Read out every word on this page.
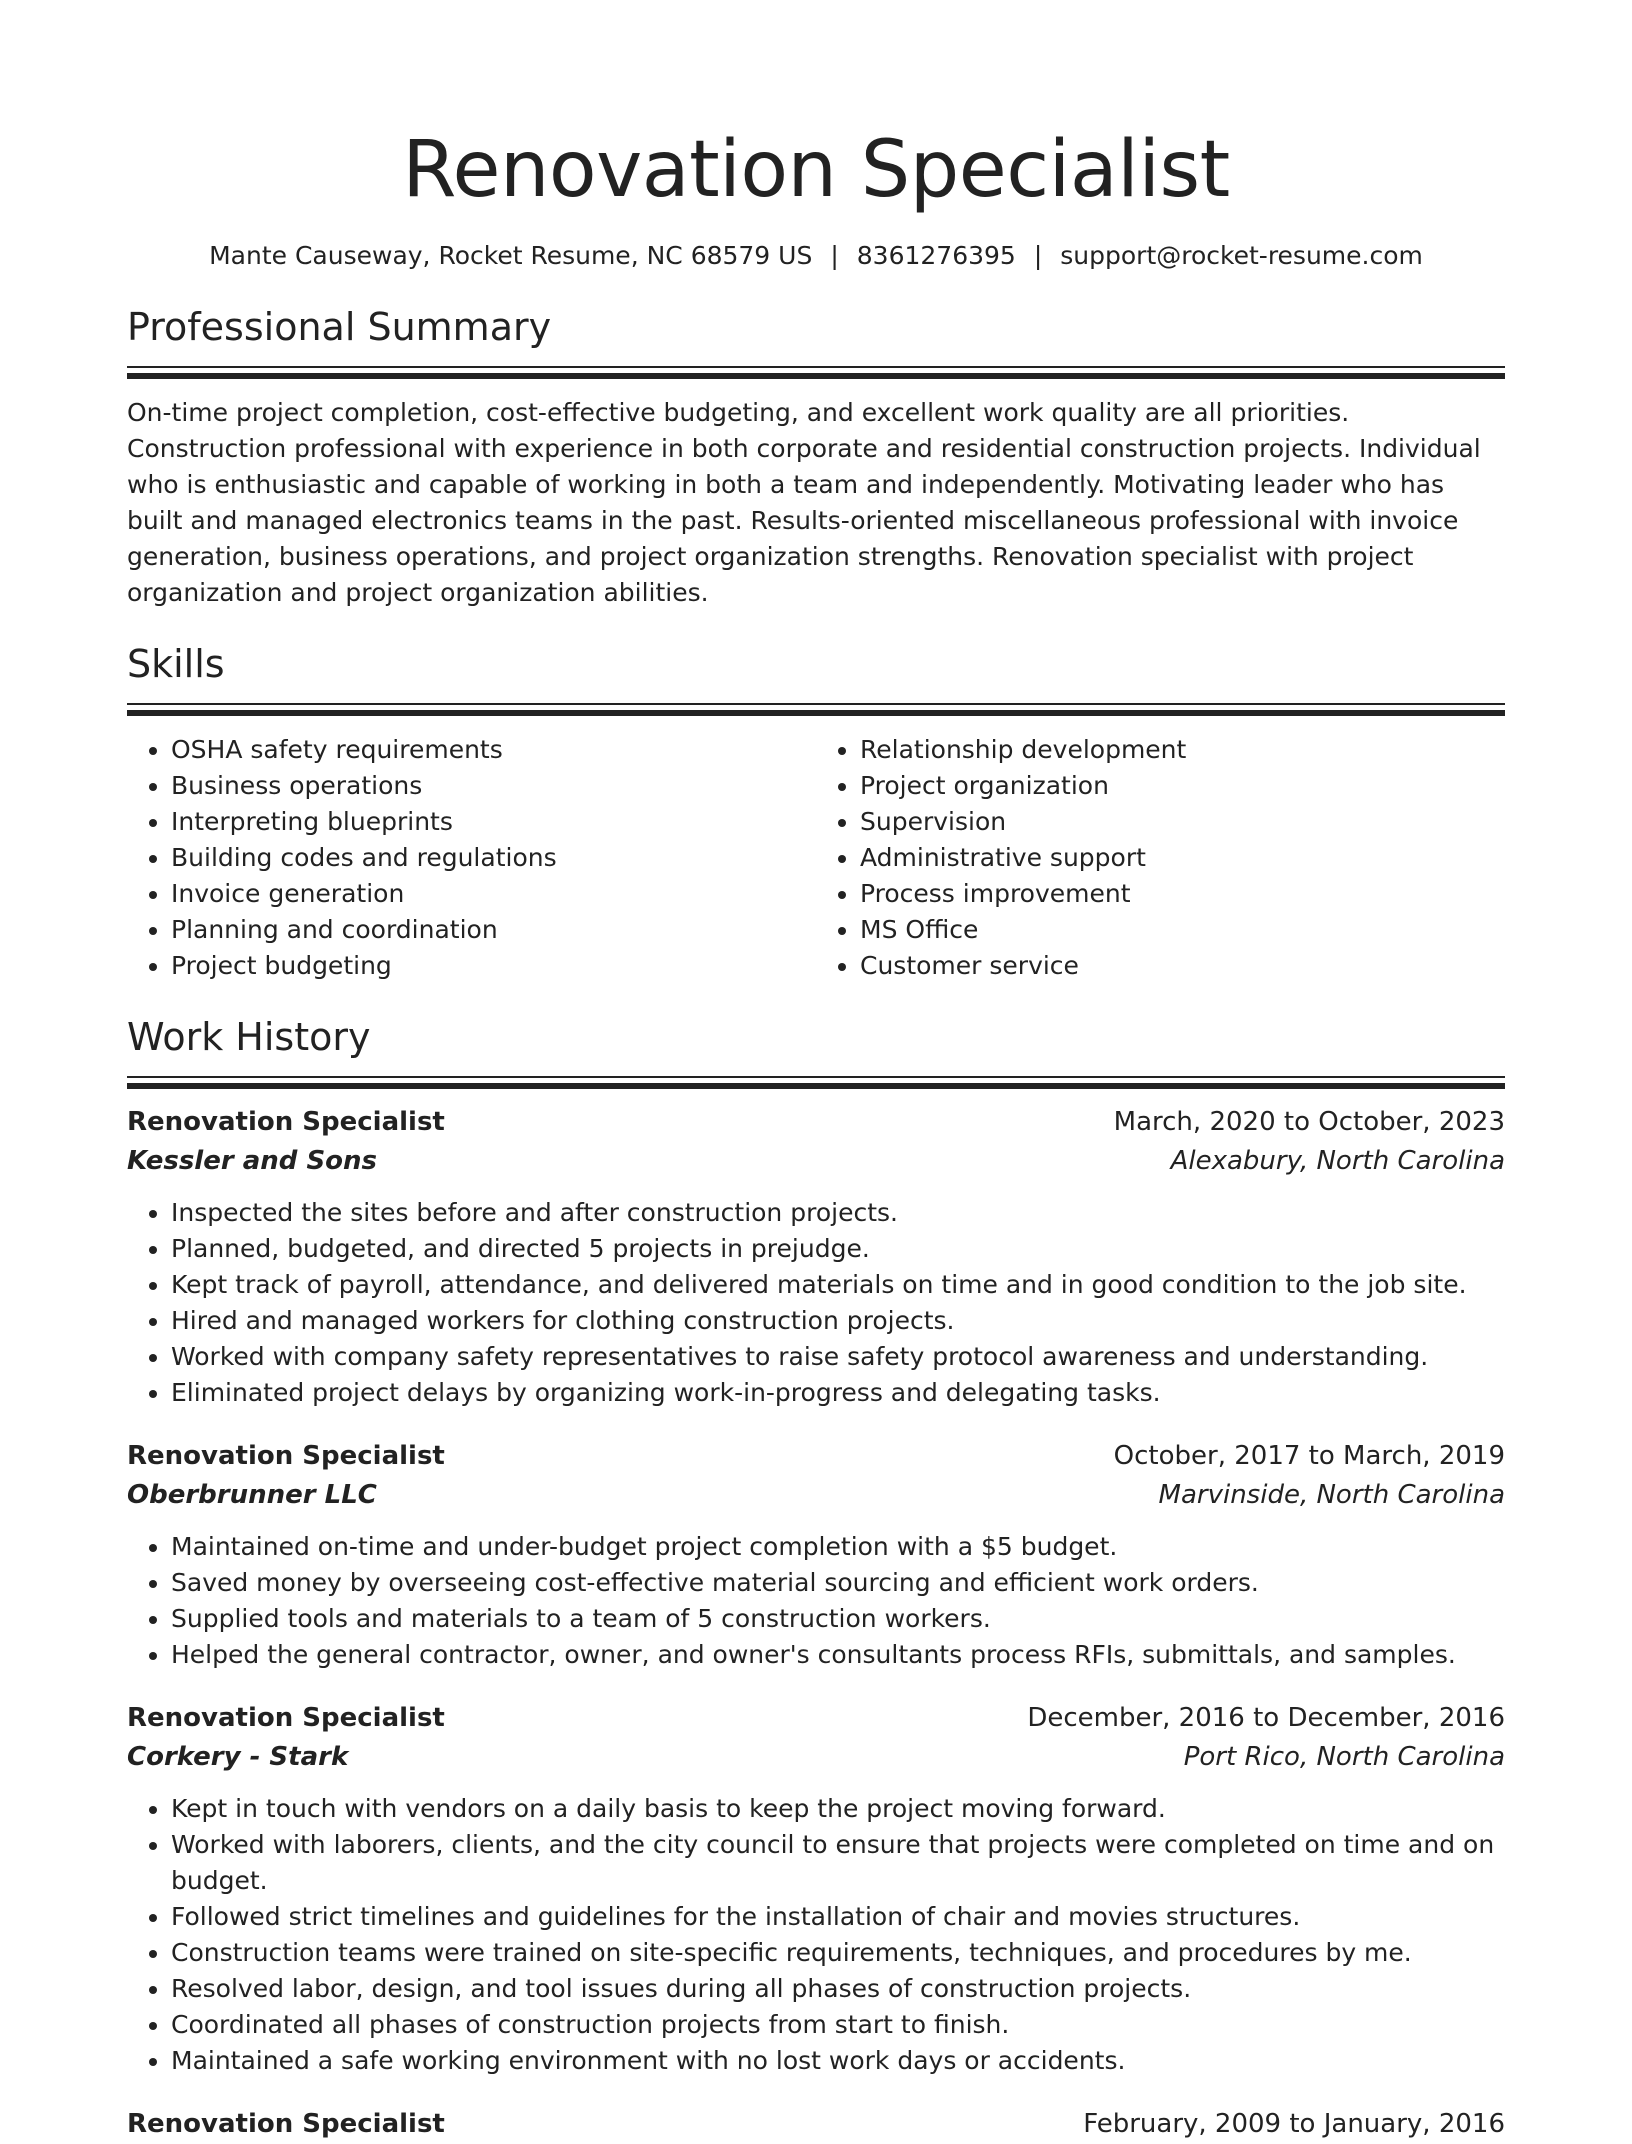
Renovation Specialist
Mante Causeway, Rocket Resume, NC 68579 US | 8361276395 | support@rocket-resume.com
Professional Summary

On-time project completion, cost-effective budgeting, and excellent work quality are all priorities. Construction professional with experience in both corporate and residential construction projects. Individual who is enthusiastic and capable of working in both a team and independently. Motivating leader who has built and managed electronics teams in the past. Results-oriented miscellaneous professional with invoice generation, business operations, and project organization strengths. Renovation specialist with project organization and project organization abilities.

Skills
• OSHA safety requirements
• Business operations
• Interpreting blueprints
• Building codes and regulations
• Invoice generation
• Planning and coordination
• Project budgeting
• Relationship development
• Project organization
• Supervision
• Administrative support
• Process improvement
• MS Office
• Customer service
Work History
Renovation Specialist	March, 2020 to October, 2023
Kessler and Sons	Alexabury, North Carolina
• Inspected the sites before and after construction projects.
• Planned, budgeted, and directed 5 projects in prejudge.
• Kept track of payroll, attendance, and delivered materials on time and in good condition to the job site.
• Hired and managed workers for clothing construction projects.
• Worked with company safety representatives to raise safety protocol awareness and understanding.
• Eliminated project delays by organizing work-in-progress and delegating tasks.
Renovation Specialist	October, 2017 to March, 2019
Oberbrunner LLC	Marvinside, North Carolina
• Maintained on-time and under-budget project completion with a $5 budget.
• Saved money by overseeing cost-effective material sourcing and efficient work orders.
• Supplied tools and materials to a team of 5 construction workers.
• Helped the general contractor, owner, and owner's consultants process RFIs, submittals, and samples.
Renovation Specialist	December, 2016 to December, 2016
Corkery - Stark	Port Rico, North Carolina
• Kept in touch with vendors on a daily basis to keep the project moving forward.
• Worked with laborers, clients, and the city council to ensure that projects were completed on time and on budget.
• Followed strict timelines and guidelines for the installation of chair and movies structures.
• Construction teams were trained on site-specific requirements, techniques, and procedures by me.
• Resolved labor, design, and tool issues during all phases of construction projects.
• Coordinated all phases of construction projects from start to finish.
• Maintained a safe working environment with no lost work days or accidents.
Renovation Specialist	February, 2009 to January, 2016
